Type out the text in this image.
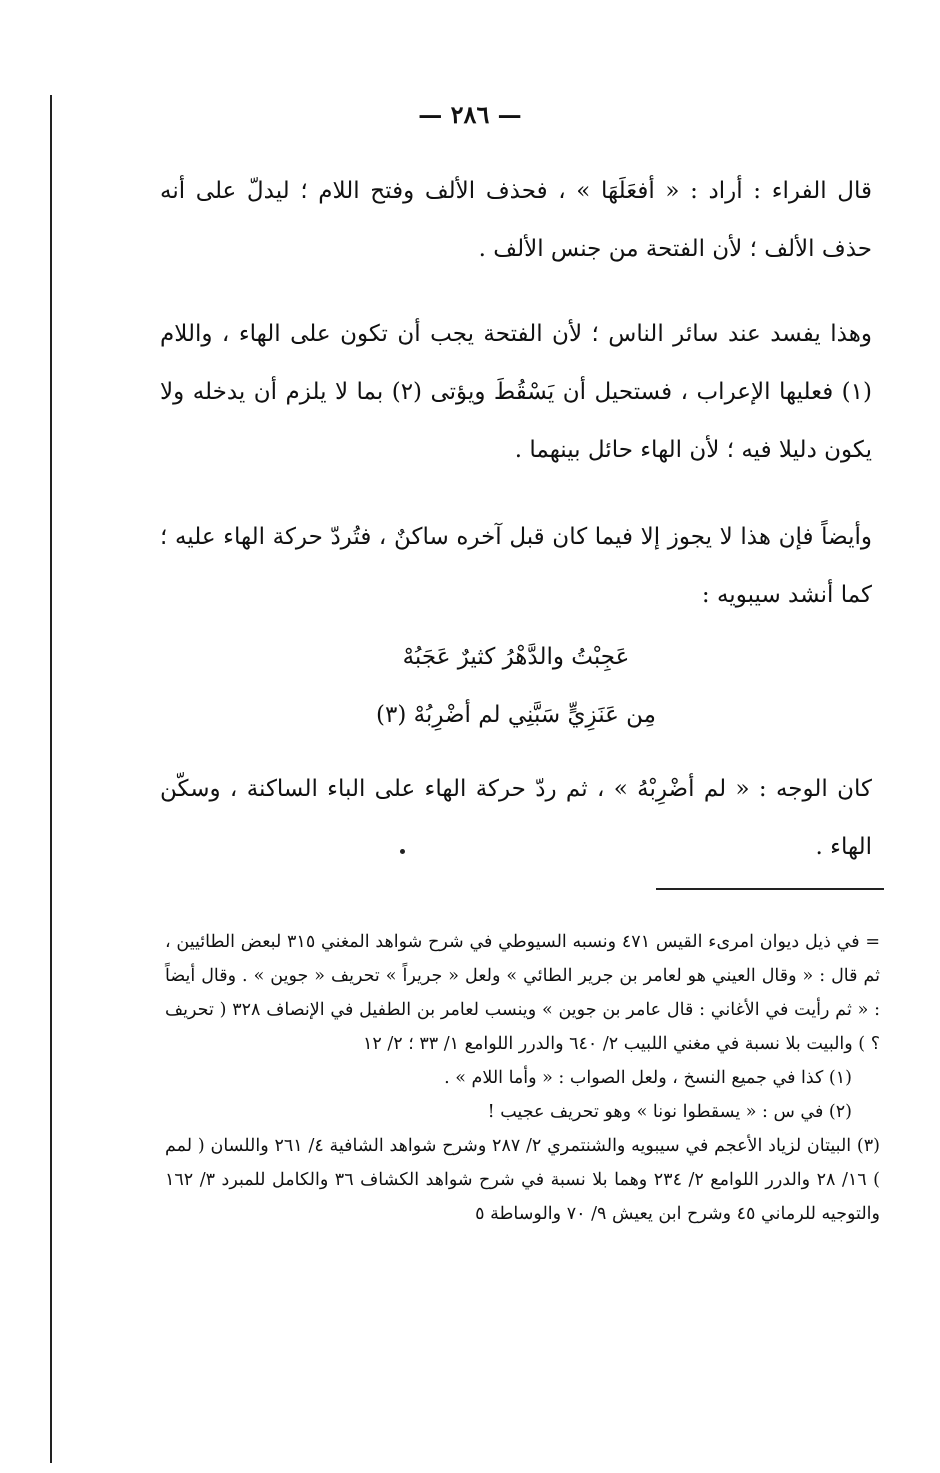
— ٢٨٦ —

قال الفراء : أراد : « أفعَلَهَا » ، فحذف الألف وفتح اللام ؛ ليدلّ على أنه حذف الألف ؛ لأن الفتحة من جنس الألف .

وهذا يفسد عند سائر الناس ؛ لأن الفتحة يجب أن تكون على الهاء ، واللام (١) فعليها الإعراب ، فستحيل أن يَسْقُطَ ويؤتى (٢) بما لا يلزم أن يدخله ولا يكون دليلا فيه ؛ لأن الهاء حائل بينهما .

وأيضاً فإن هذا لا يجوز إلا فيما كان قبل آخره ساكنٌ ، فتُردّ حركة الهاء عليه ؛ كما أنشد سيبويه :

عَجِبْتُ والدَّهْرُ كثيرٌ عَجَبُهْ
مِن عَنَزِيٍّ سَبَّنِي لم أضْرِبُهْ (٣)

كان الوجه : « لم أضْرِبْهُ » ، ثم ردّ حركة الهاء على الباء الساكنة ، وسكّن الهاء .

= في ذيل ديوان امرىء القيس ٤٧١ ونسبه السيوطي في شرح شواهد المغني ٣١٥ لبعض الطائيين ، ثم قال : « وقال العيني هو لعامر بن جرير الطائي » ولعل « جريراً » تحريف « جوين » . وقال أيضاً : « ثم رأيت في الأغاني : قال عامر بن جوين » وينسب لعامر بن الطفيل في الإنصاف ٣٢٨ ( تحريف ؟ ) والبيت بلا نسبة في مغني اللبيب ٢/ ٦٤٠ والدرر اللوامع ١/ ٣٣ ؛ ٢/ ١٢

(١) كذا في جميع النسخ ، ولعل الصواب : « وأما اللام » .

(٢) في س : « يسقطوا نونا » وهو تحريف عجيب !

(٣) البيتان لزياد الأعجم في سيبويه والشنتمري ٢/ ٢٨٧ وشرح شواهد الشافية ٤/ ٢٦١ واللسان ( لمم ) ١٦/ ٢٨ والدرر اللوامع ٢/ ٢٣٤ وهما بلا نسبة في شرح شواهد الكشاف ٣٦ والكامل للمبرد ٣/ ١٦٢ والتوجيه للرماني ٤٥ وشرح ابن يعيش ٩/ ٧٠ والوساطة ٥
